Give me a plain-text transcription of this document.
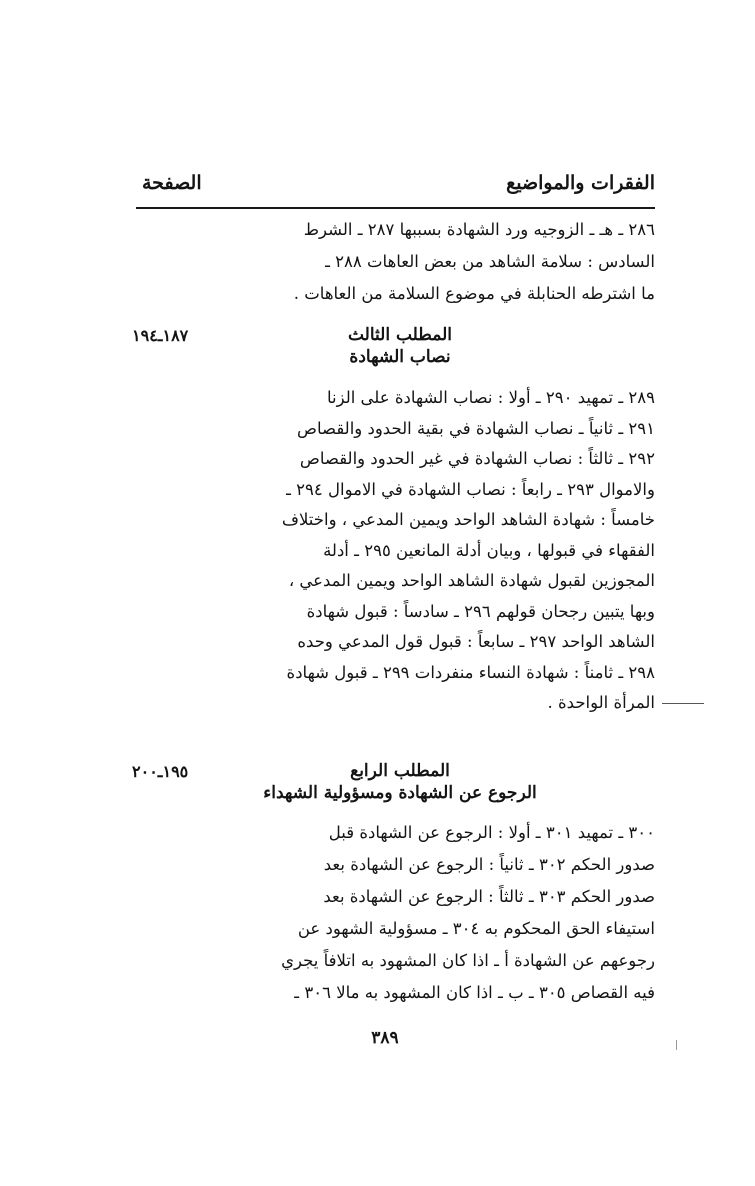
الفقرات والمواضيع
الصفحة
٢٨٦ ـ هـ ـ الزوجيه ورد الشهادة بسببها ٢٨٧ ـ الشرط
السادس : سلامة الشاهد من بعض العاهات ٢٨٨ ـ
ما اشترطه الحنابلة في موضوع السلامة من العاهات .
المطلب الثالث
نصاب الشهادة
١٨٧ـ١٩٤
٢٨٩ ـ تمهيد ٢٩٠ ـ أولا : نصاب الشهادة على الزنا
٢٩١ ـ ثانياً ـ نصاب الشهادة في بقية الحدود والقصاص
٢٩٢ ـ ثالثاً : نصاب الشهادة في غير الحدود والقصاص
والاموال ٢٩٣ ـ رابعاً : نصاب الشهادة في الاموال ٢٩٤ ـ
خامساً : شهادة الشاهد الواحد ويمين المدعي ، واختلاف
الفقهاء في قبولها ، وبيان أدلة المانعين ٢٩٥ ـ أدلة
المجوزين لقبول شهادة الشاهد الواحد ويمين المدعي ،
وبها يتبين رجحان قولهم ٢٩٦ ـ سادساً : قبول شهادة
الشاهد الواحد ٢٩٧ ـ سابعاً : قبول قول المدعي وحده
٢٩٨ ـ ثامناً : شهادة النساء منفردات ٢٩٩ ـ قبول شهادة
المرأة الواحدة .
المطلب الرابع
الرجوع عن الشهادة ومسؤولية الشهداء
١٩٥ـ٢٠٠
٣٠٠ ـ تمهيد ٣٠١ ـ أولا : الرجوع عن الشهادة قبل
صدور الحكم ٣٠٢ ـ ثانياً : الرجوع عن الشهادة بعد
صدور الحكم ٣٠٣ ـ ثالثاً : الرجوع عن الشهادة بعد
استيفاء الحق المحكوم به ٣٠٤ ـ مسؤولية الشهود عن
رجوعهم عن الشهادة أ ـ اذا كان المشهود به اتلافاً يجري
فيه القصاص ٣٠٥ ـ ب ـ اذا كان المشهود به مالا ٣٠٦ ـ
٣٨٩
